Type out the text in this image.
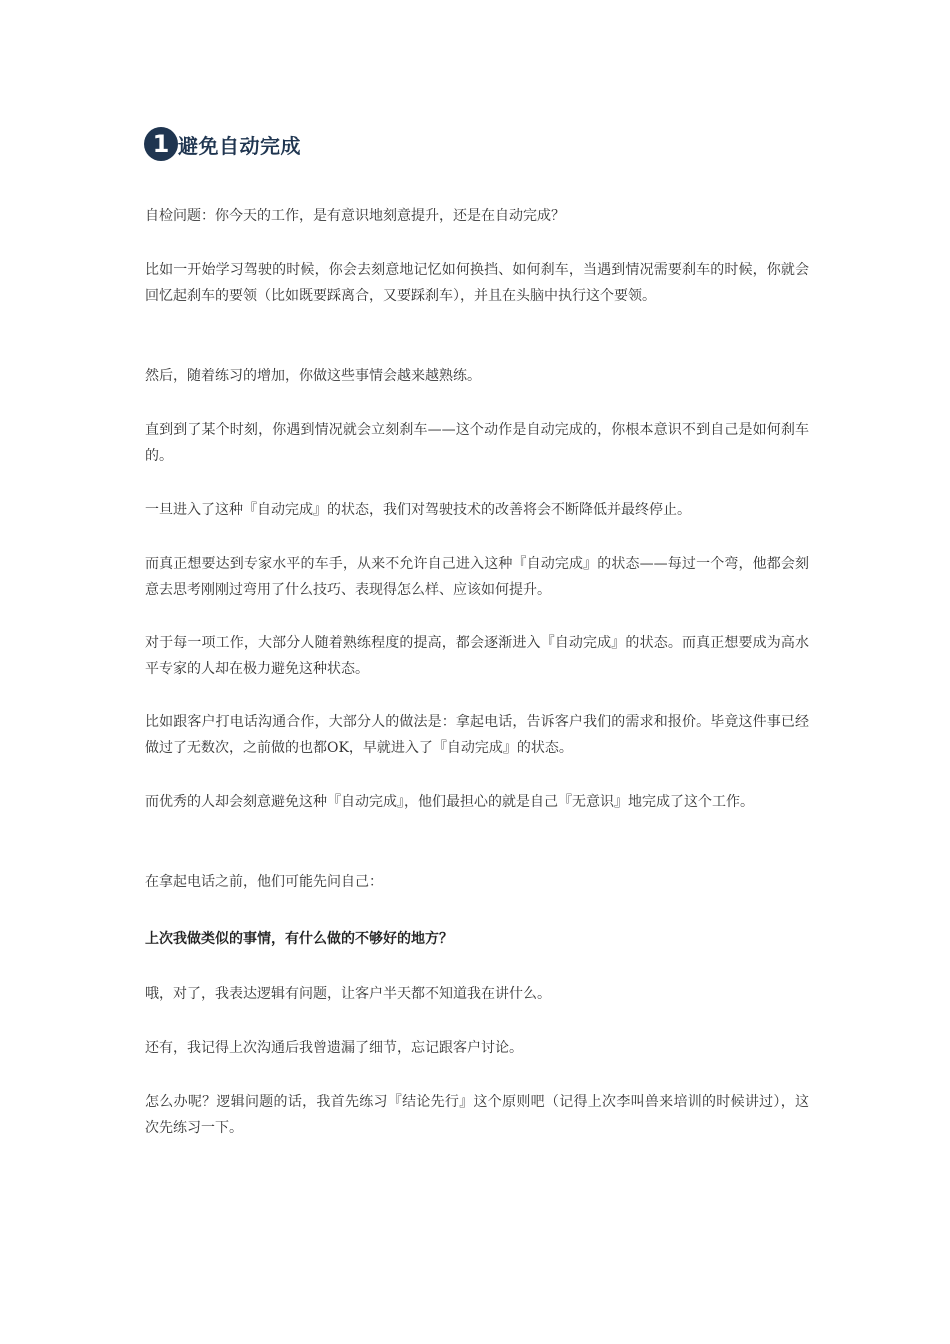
1 避免自动完成

自检问题：你今天的工作，是有意识地刻意提升，还是在自动完成？

比如一开始学习驾驶的时候，你会去刻意地记忆如何换挡、如何刹车，当遇到情况需要刹车的时候，你就会回忆起刹车的要领（比如既要踩离合，又要踩刹车），并且在头脑中执行这个要领。

然后，随着练习的增加，你做这些事情会越来越熟练。

直到到了某个时刻，你遇到情况就会立刻刹车——这个动作是自动完成的，你根本意识不到自己是如何刹车的。

一旦进入了这种『自动完成』的状态，我们对驾驶技术的改善将会不断降低并最终停止。

而真正想要达到专家水平的车手，从来不允许自己进入这种『自动完成』的状态——每过一个弯，他都会刻意去思考刚刚过弯用了什么技巧、表现得怎么样、应该如何提升。

对于每一项工作，大部分人随着熟练程度的提高，都会逐渐进入『自动完成』的状态。而真正想要成为高水平专家的人却在极力避免这种状态。

比如跟客户打电话沟通合作，大部分人的做法是：拿起电话，告诉客户我们的需求和报价。毕竟这件事已经做过了无数次，之前做的也都OK，早就进入了『自动完成』的状态。

而优秀的人却会刻意避免这种『自动完成』，他们最担心的就是自己『无意识』地完成了这个工作。

在拿起电话之前，他们可能先问自己：

上次我做类似的事情，有什么做的不够好的地方？

哦，对了，我表达逻辑有问题，让客户半天都不知道我在讲什么。

还有，我记得上次沟通后我曾遗漏了细节，忘记跟客户讨论。

怎么办呢？逻辑问题的话，我首先练习『结论先行』这个原则吧（记得上次李叫兽来培训的时候讲过），这次先练习一下。
